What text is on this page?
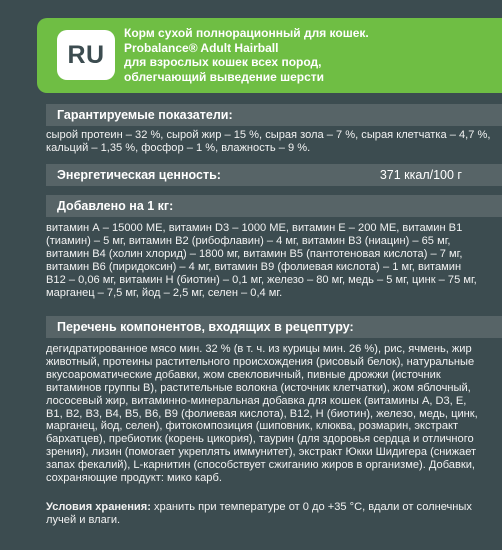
RU
Корм сухой полнорационный для кошек.
Probalance® Adult Hairball
для взрослых кошек всех пород,
облегчающий выведение шерсти
Гарантируемые показатели:
сырой протеин – 32 %, сырой жир – 15 %, сырая зола – 7 %, сырая клетчатка – 4,7 %,
кальций – 1,35 %, фосфор – 1 %, влажность – 9 %.
Энергетическая ценность:	371 ккал/100 г
Добавлено на 1 кг:
витамин А – 15000 МЕ, витамин D3 – 1000 МЕ, витамин Е – 200 МЕ, витамин В1
(тиамин) – 5 мг, витамин В2 (рибофлавин) – 4 мг, витамин В3 (ниацин) – 65 мг,
витамин В4 (холин хлорид) – 1800 мг, витамин В5 (пантотеновая кислота) – 7 мг,
витамин В6 (пиридоксин) – 4 мг, витамин В9 (фолиевая кислота) – 1 мг, витамин
В12 – 0,06 мг, витамин Н (биотин) – 0,1 мг, железо – 80 мг, медь – 5 мг, цинк – 75 мг,
марганец – 7,5 мг, йод – 2,5 мг, селен – 0,4 мг.
Перечень компонентов, входящих в рецептуру:
дегидратированное мясо мин. 32 % (в т. ч. из курицы мин. 26 %), рис, ячмень, жир
животный, протеины растительного происхождения (рисовый белок), натуральные
вкусоароматические добавки, жом свекловичный, пивные дрожжи (источник
витаминов группы В), растительные волокна (источник клетчатки), жом яблочный,
лососевый жир, витаминно-минеральная добавка для кошек (витамины А, D3, Е,
В1, В2, В3, В4, В5, В6, В9 (фолиевая кислота), В12, Н (биотин), железо, медь, цинк,
марганец, йод, селен), фитокомпозиция (шиповник, клюква, розмарин, экстракт
бархатцев), пребиотик (корень цикория), таурин (для здоровья сердца и отличного
зрения), лизин (помогает укреплять иммунитет), экстракт Юкки Шидигера (снижает
запах фекалий), L-карнитин (способствует сжиганию жиров в организме). Добавки,
сохраняющие продукт: мико карб.
Условия хранения: хранить при температуре от 0 до +35 °С, вдали от солнечных
лучей и влаги.
